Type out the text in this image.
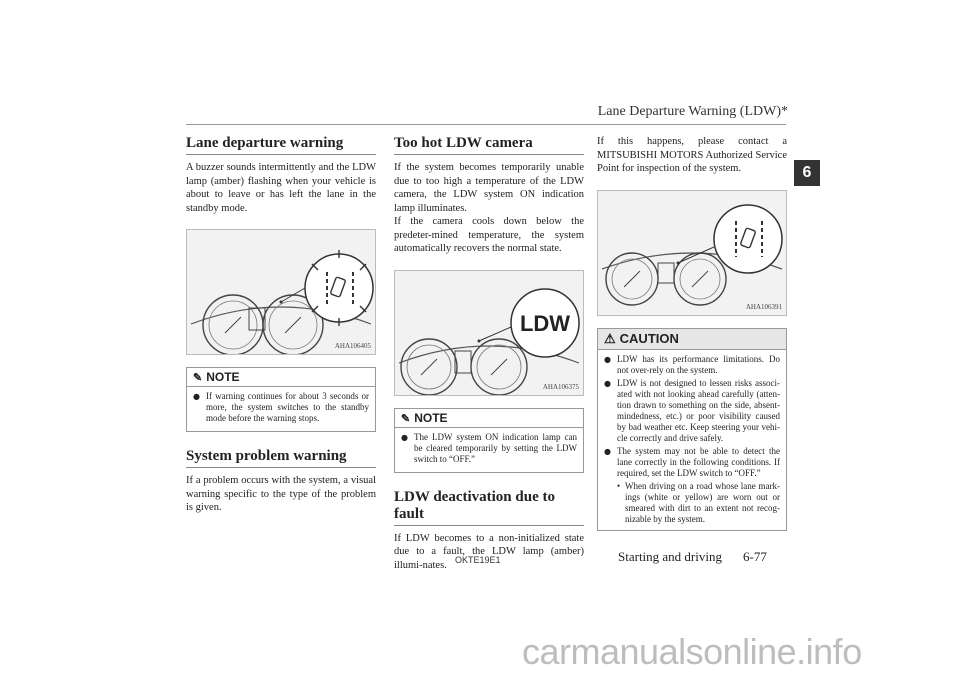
Lane Departure Warning (LDW)*
6
Lane departure warning

A buzzer sounds intermittently and the LDW lamp (amber) flashing when your vehicle is about to leave or has left the lane in the standby mode.

AHA106405
✎ NOTE
● If warning continues for about 3 seconds or more, the system switches to the standby mode before the warning stops.
System problem warning

If a problem occurs with the system, a visual warning specific to the type of the problem is given.

Too hot LDW camera

If the system becomes temporarily unable due to too high a temperature of the LDW camera, the LDW system ON indication lamp illuminates.

If the camera cools down below the predeter-mined temperature, the system automatically recovers the normal state.

LDW
AHA106375
✎ NOTE
● The LDW system ON indication lamp can be cleared temporarily by setting the LDW switch to “OFF.”
LDW deactivation due to fault

If LDW becomes to a non-initialized state due to a fault, the LDW lamp (amber) illumi-nates.

If this happens, please contact a MITSUBISHI MOTORS Authorized Service Point for inspection of the system.

AHA106391
⚠ CAUTION
● LDW has its performance limitations. Do not over-rely on the system.
● LDW is not designed to lessen risks associ-ated with not looking ahead carefully (atten-tion drawn to something on the side, absent-mindedness, etc.) or poor visibility caused by bad weather etc. Keep steering your vehi-cle correctly and drive safely.
● The system may not be able to detect the lane correctly in the following conditions. If required, set the LDW switch to “OFF.”
• When driving on a road whose lane mark-ings (white or yellow) are worn out or smeared with dirt to an extent not recog-nizable by the system.
OKTE19E1	Starting and driving 6-77
carmanualsonline.info
